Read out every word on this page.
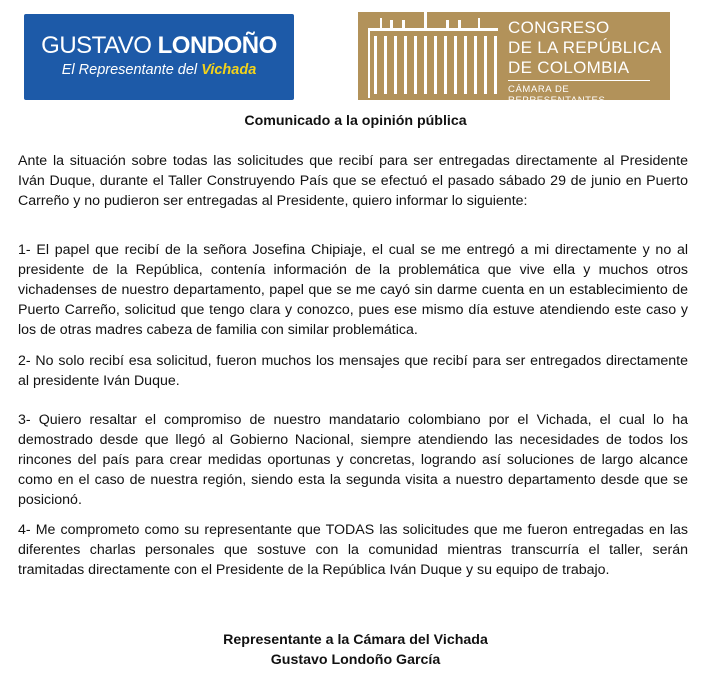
GUSTAVO LONDOÑO
El Representante del Vichada
CONGRESO
DE LA REPÚBLICA
DE COLOMBIA
CÁMARA DE REPRESENTANTES
Comunicado a la opinión pública

Ante la situación sobre todas las solicitudes que recibí para ser entregadas directamente al Presidente Iván Duque, durante el Taller Construyendo País que se efectuó el pasado sábado 29 de junio en Puerto Carreño y no pudieron ser entregadas al Presidente, quiero informar lo siguiente:

1- El papel que recibí de la señora Josefina Chipiaje, el cual se me entregó a mi directamente y no al presidente de la República, contenía información de la problemática que vive ella y muchos otros vichadenses de nuestro departamento, papel que se me cayó sin darme cuenta en un establecimiento de Puerto Carreño, solicitud que tengo clara y conozco, pues ese mismo día estuve atendiendo este caso y los de otras madres cabeza de familia con similar problemática.

2- No solo recibí esa solicitud, fueron muchos los mensajes que recibí para ser entregados directamente al presidente Iván Duque.

3- Quiero resaltar el compromiso de nuestro mandatario colombiano por el Vichada, el cual lo ha demostrado desde que llegó al Gobierno Nacional, siempre atendiendo las necesidades de todos los rincones del país para crear medidas oportunas y concretas, logrando así soluciones de largo alcance como en el caso de nuestra región, siendo esta la segunda visita a nuestro departamento desde que se posicionó.

4- Me comprometo como su representante que TODAS las solicitudes que me fueron entregadas en las diferentes charlas personales que sostuve con la comunidad mientras transcurría el taller, serán tramitadas directamente con el Presidente de la República Iván Duque y su equipo de trabajo.

Representante a la Cámara del Vichada
Gustavo Londoño García
